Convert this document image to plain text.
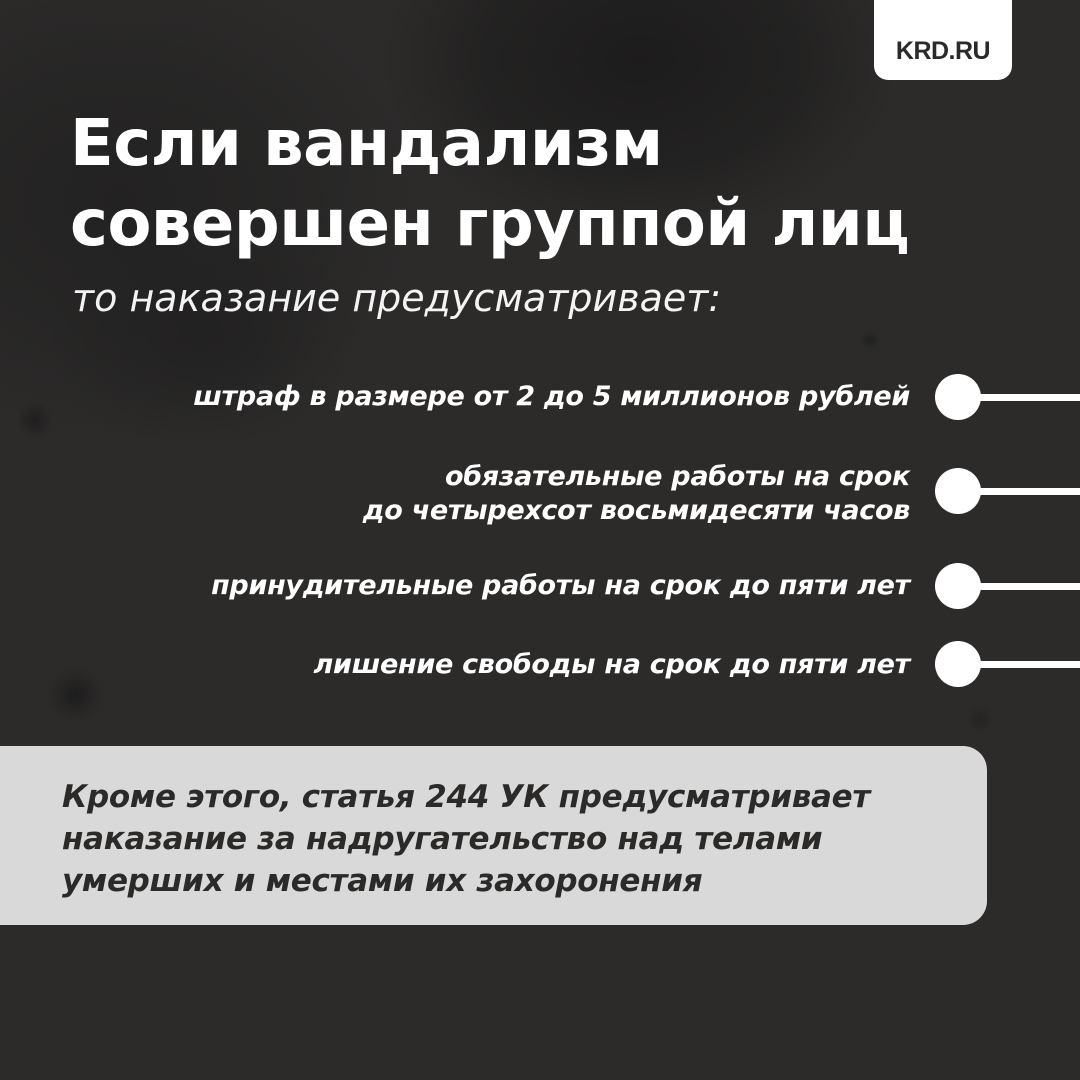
KRD.RU
Если вандализм
совершен группой лиц
то наказание предусматривает:
штраф в размере от 2 до 5 миллионов рублей
обязательные работы на срок
до четырехсот восьмидесяти часов
принудительные работы на срок до пяти лет
лишение свободы на срок до пяти лет
Кроме этого, статья 244 УК предусматривает
наказание за надругательство над телами
умерших и местами их захоронения
